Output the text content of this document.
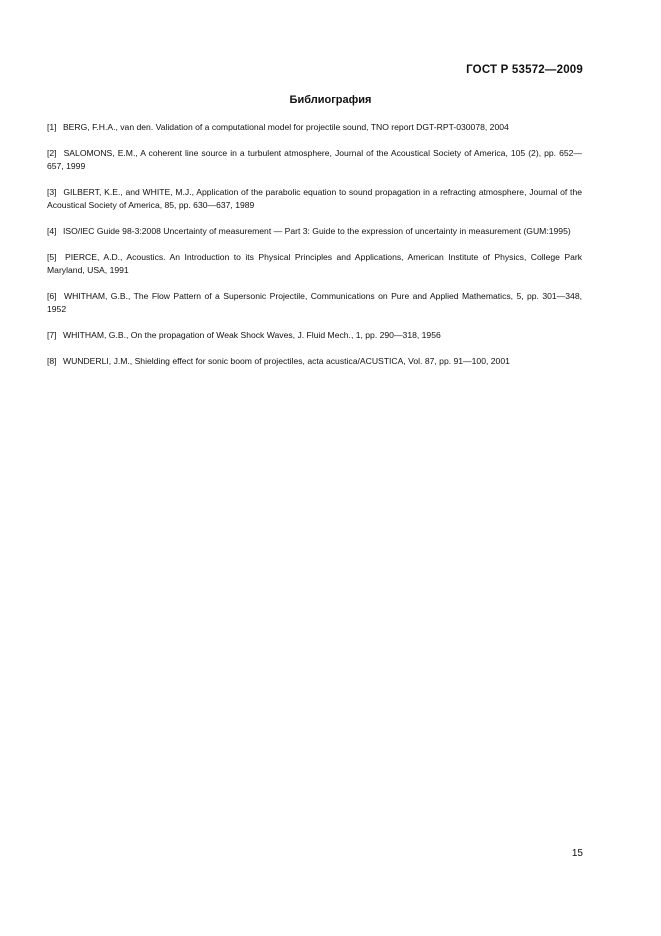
ГОСТ Р 53572—2009
Библиография
[1] BERG, F.H.A., van den. Validation of a computational model for projectile sound, TNO report DGT-RPT-030078, 2004
[2] SALOMONS, E.M., A coherent line source in a turbulent atmosphere, Journal of the Acoustical Society of America, 105 (2), pp. 652—657, 1999
[3] GILBERT, K.E., and WHITE, M.J., Application of the parabolic equation to sound propagation in a refracting atmosphere, Journal of the Acoustical Society of America, 85, pp. 630—637, 1989
[4] ISO/IEC Guide 98-3:2008 Uncertainty of measurement — Part 3: Guide to the expression of uncertainty in measurement (GUM:1995)
[5] PIERCE, A.D., Acoustics. An Introduction to its Physical Principles and Applications, American Institute of Physics, College Park Maryland, USA, 1991
[6] WHITHAM, G.B., The Flow Pattern of a Supersonic Projectile, Communications on Pure and Applied Mathematics, 5, pp. 301—348, 1952
[7] WHITHAM, G.B., On the propagation of Weak Shock Waves, J. Fluid Mech., 1, pp. 290—318, 1956
[8] WUNDERLI, J.M., Shielding effect for sonic boom of projectiles, acta acustica/ACUSTICA, Vol. 87, pp. 91—100, 2001
15
